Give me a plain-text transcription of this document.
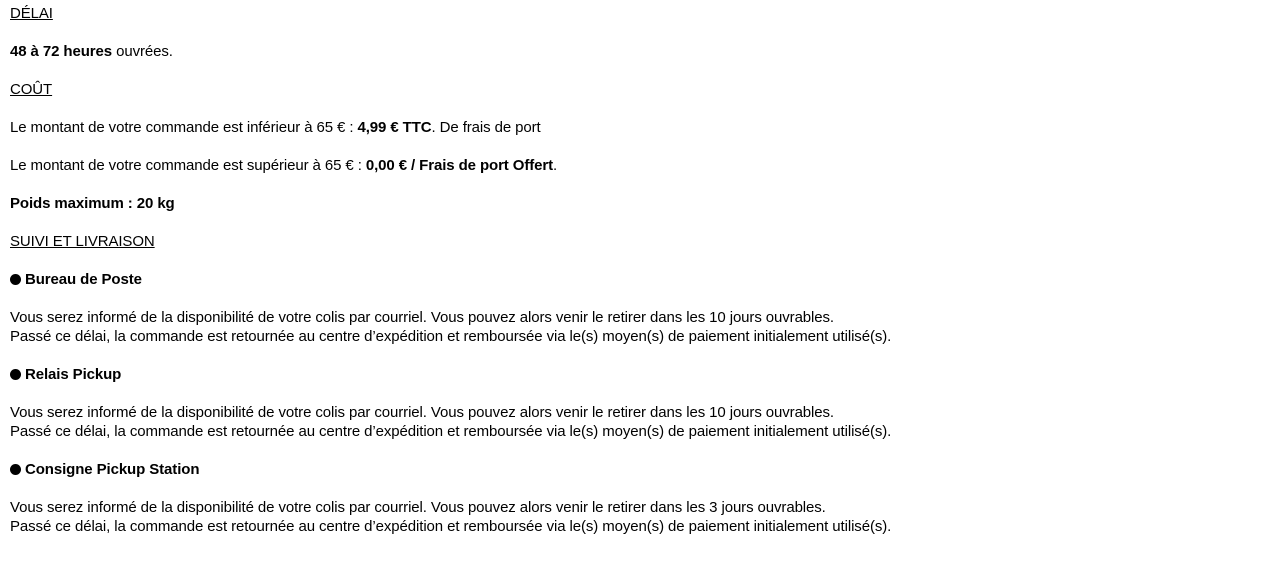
DÉLAI

48 à 72 heures ouvrées.

COÛT

Le montant de votre commande est inférieur à 65 € : 4,99 € TTC. De frais de port

Le montant de votre commande est supérieur à 65 € : 0,00 € / Frais de port Offert.

Poids maximum : 20 kg

SUIVI ET LIVRAISON

Bureau de Poste

Vous serez informé de la disponibilité de votre colis par courriel. Vous pouvez alors venir le retirer dans les 10 jours ouvrables.

Passé ce délai, la commande est retournée au centre d’expédition et remboursée via le(s) moyen(s) de paiement initialement utilisé(s).

Relais Pickup

Vous serez informé de la disponibilité de votre colis par courriel. Vous pouvez alors venir le retirer dans les 10 jours ouvrables.

Passé ce délai, la commande est retournée au centre d’expédition et remboursée via le(s) moyen(s) de paiement initialement utilisé(s).

Consigne Pickup Station

Vous serez informé de la disponibilité de votre colis par courriel. Vous pouvez alors venir le retirer dans les 3 jours ouvrables.

Passé ce délai, la commande est retournée au centre d’expédition et remboursée via le(s) moyen(s) de paiement initialement utilisé(s).
